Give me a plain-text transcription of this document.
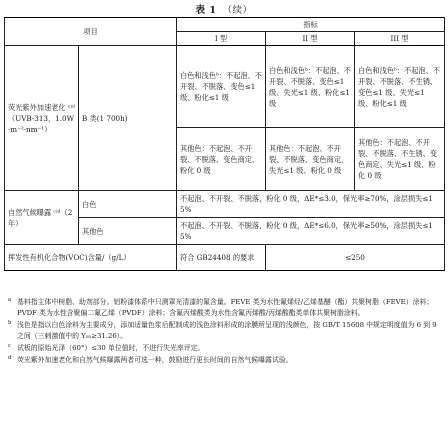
表 1 （续）
项目		指标		
		I 型	II 型	III 型
荧光紫外加速老化 ᶜ⁾ᵈ（UVB-313，1.0W·m⁻²·nm⁻¹）	B 类(1 700h)	白色和浅色ᵇ：不起泡、不开裂、不脱落、变色≤1 级、粉化≤1 级	白色和浅色ᵇ：不起泡、不开裂、不脱落、变色≤1 级、失光≤1 级、粉化≤1 级	白色和浅色ᵇ：不起泡、不开裂、不脱落、不生锈、变色≤1 级、失光≤1 级、粉化≤1 级
		其他色：不起泡、不开裂、不脱落、变色商定、粉化 0 级	其他色：不起泡、不开裂、不脱落、变色商定、失光≤1 级、粉化 0 级	其他色：不起泡、不开裂、不脱落、不生锈、变色商定、失光≤1 级、粉化 0 级
自然气候曝露 ᶜ⁾ᵈ（2 年）	白色	不起泡、不开裂、不脱落，粉化 0 级，ΔE*≤3.0，保光率≥70%，涂层损失≤15%		
	其他色	不起泡、不开裂、不脱落，粉化 0 级，ΔE*≤6.0，保光率≥50%，涂层损失≤15%		
挥发性有机化合物(VOC)含量/（g/L）		符合 GB24408 的要求	≤250	
a 基料指主体中树脂、助剂部分。铝粉漆体系中只测罩光清漆的氟含量。FEVE 类为水性氟烯烃/乙烯基醚（酯）共聚树脂（FEVE）涂料；PVDF 类为水性含聚偏二氟乙烯（PVDF）涂料；含氟丙烯酸类为水性含氟丙烯酸/丙烯酸酯类单体共聚树脂涂料。
b 浅色是指以白色涂料为主要成分，添加适量色浆后配制成的浅色涂料形成的涂膜所呈现的浅颜色，按 GB/T 15608 中规定明度值为 6 到 9 之间（三刺激值中的 Y₀₅≥31.26）。
c 试板的原始光泽（60°）≤30 单位值时，不进行失光率评定。
d 荧光紫外加速老化和自然气候曝露两者可选一种，鼓励进行更长时间的自然气候曝露试验。
